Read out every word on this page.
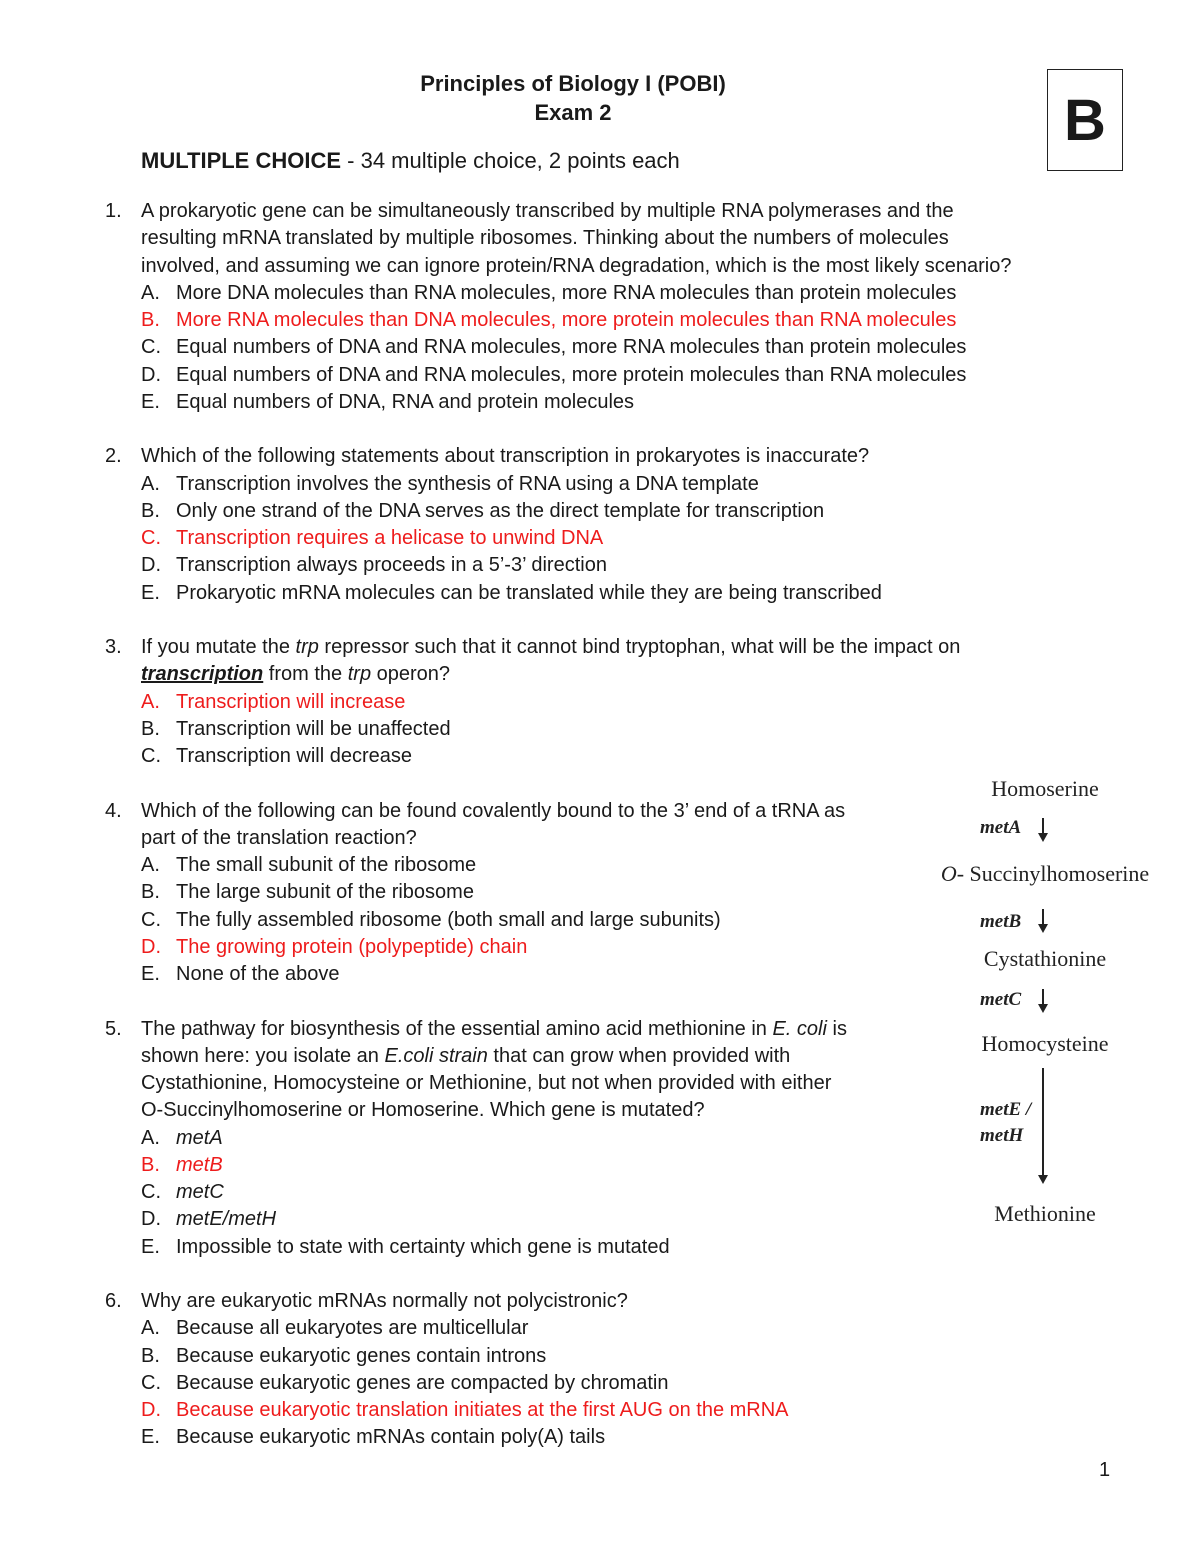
Principles of Biology I (POBI)
Exam 2
MULTIPLE CHOICE - 34 multiple choice, 2 points each
B
1. A prokaryotic gene can be simultaneously transcribed by multiple RNA polymerases and the
resulting mRNA translated by multiple ribosomes. Thinking about the numbers of molecules
involved, and assuming we can ignore protein/RNA degradation, which is the most likely scenario?
A. More DNA molecules than RNA molecules, more RNA molecules than protein molecules
B. More RNA molecules than DNA molecules, more protein molecules than RNA molecules
C. Equal numbers of DNA and RNA molecules, more RNA molecules than protein molecules
D. Equal numbers of DNA and RNA molecules, more protein molecules than RNA molecules
E. Equal numbers of DNA, RNA and protein molecules
2. Which of the following statements about transcription in prokaryotes is inaccurate?
A. Transcription involves the synthesis of RNA using a DNA template
B. Only one strand of the DNA serves as the direct template for transcription
C. Transcription requires a helicase to unwind DNA
D. Transcription always proceeds in a 5’-3’ direction
E. Prokaryotic mRNA molecules can be translated while they are being transcribed
3. If you mutate the trp repressor such that it cannot bind tryptophan, what will be the impact on
transcription from the trp operon?
A. Transcription will increase
B. Transcription will be unaffected
C. Transcription will decrease
4. Which of the following can be found covalently bound to the 3’ end of a tRNA as
part of the translation reaction?
A. The small subunit of the ribosome
B. The large subunit of the ribosome
C. The fully assembled ribosome (both small and large subunits)
D. The growing protein (polypeptide) chain
E. None of the above
5. The pathway for biosynthesis of the essential amino acid methionine in E. coli is
shown here: you isolate an E.coli strain that can grow when provided with
Cystathionine, Homocysteine or Methionine, but not when provided with either
O-Succinylhomoserine or Homoserine. Which gene is mutated?
A. metA
B. metB
C. metC
D. metE/metH
E. Impossible to state with certainty which gene is mutated
6. Why are eukaryotic mRNAs normally not polycistronic?
A. Because all eukaryotes are multicellular
B. Because eukaryotic genes contain introns
C. Because eukaryotic genes are compacted by chromatin
D. Because eukaryotic translation initiates at the first AUG on the mRNA
E. Because eukaryotic mRNAs contain poly(A) tails
Homoserine
metA
O- Succinylhomoserine
metB
Cystathionine
metC
Homocysteine
metE /
metH
Methionine
1
